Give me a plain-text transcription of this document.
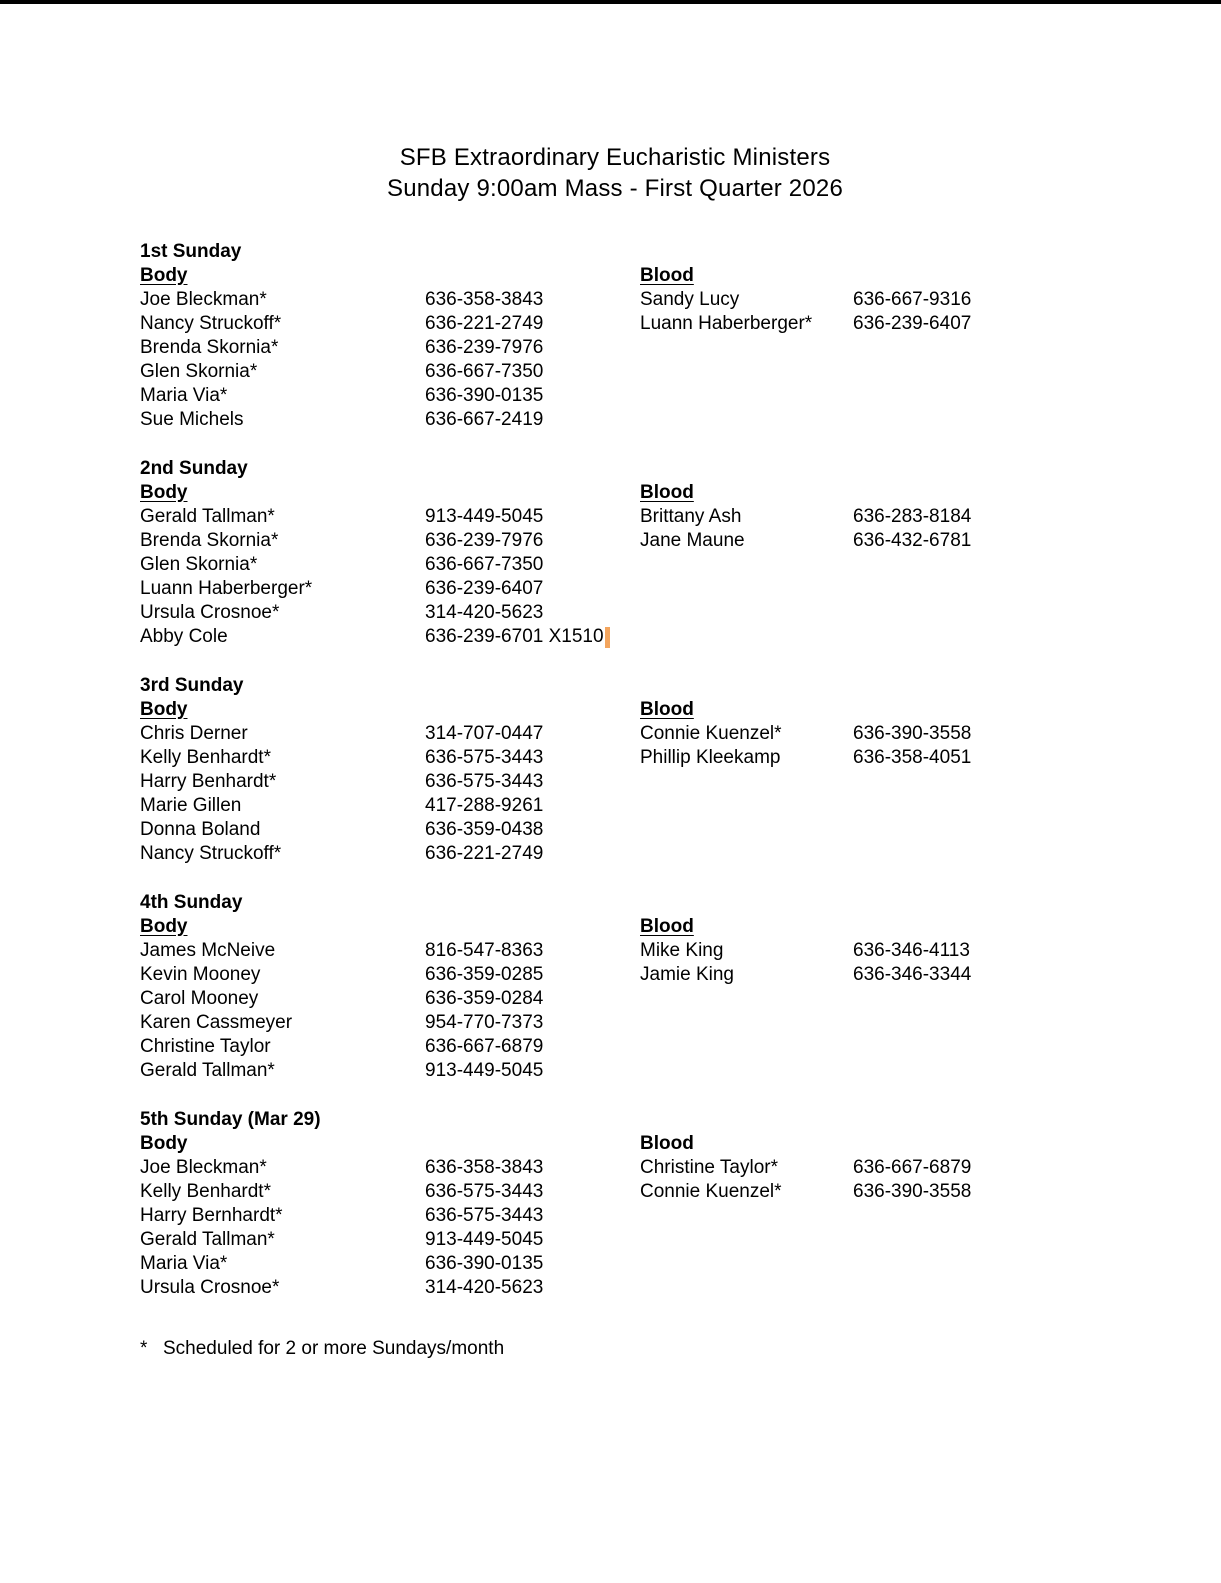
SFB Extraordinary Eucharistic Ministers
Sunday 9:00am Mass - First Quarter 2026
1st Sunday
Body	Blood
Joe Bleckman*	636-358-3843	Sandy Lucy	636-667-9316
Nancy Struckoff*	636-221-2749	Luann Haberberger*	636-239-6407
Brenda Skornia*	636-239-7976
Glen Skornia*	636-667-7350
Maria Via*	636-390-0135
Sue Michels	636-667-2419
2nd Sunday
Body	Blood
Gerald Tallman*	913-449-5045	Brittany Ash	636-283-8184
Brenda Skornia*	636-239-7976	Jane Maune	636-432-6781
Glen Skornia*	636-667-7350
Luann Haberberger*	636-239-6407
Ursula Crosnoe*	314-420-5623
Abby Cole	636-239-6701 X1510
3rd Sunday
Body	Blood
Chris Derner	314-707-0447	Connie Kuenzel*	636-390-3558
Kelly Benhardt*	636-575-3443	Phillip Kleekamp	636-358-4051
Harry Benhardt*	636-575-3443
Marie Gillen	417-288-9261
Donna Boland	636-359-0438
Nancy Struckoff*	636-221-2749
4th Sunday
Body	Blood
James McNeive	816-547-8363	Mike King	636-346-4113
Kevin Mooney	636-359-0285	Jamie King	636-346-3344
Carol Mooney	636-359-0284
Karen Cassmeyer	954-770-7373
Christine Taylor	636-667-6879
Gerald Tallman*	913-449-5045
5th Sunday (Mar 29)
Body	Blood
Joe Bleckman*	636-358-3843	Christine Taylor*	636-667-6879
Kelly Benhardt*	636-575-3443	Connie Kuenzel*	636-390-3558
Harry Bernhardt*	636-575-3443
Gerald Tallman*	913-449-5045
Maria Via*	636-390-0135
Ursula Crosnoe*	314-420-5623
* Scheduled for 2 or more Sundays/month
